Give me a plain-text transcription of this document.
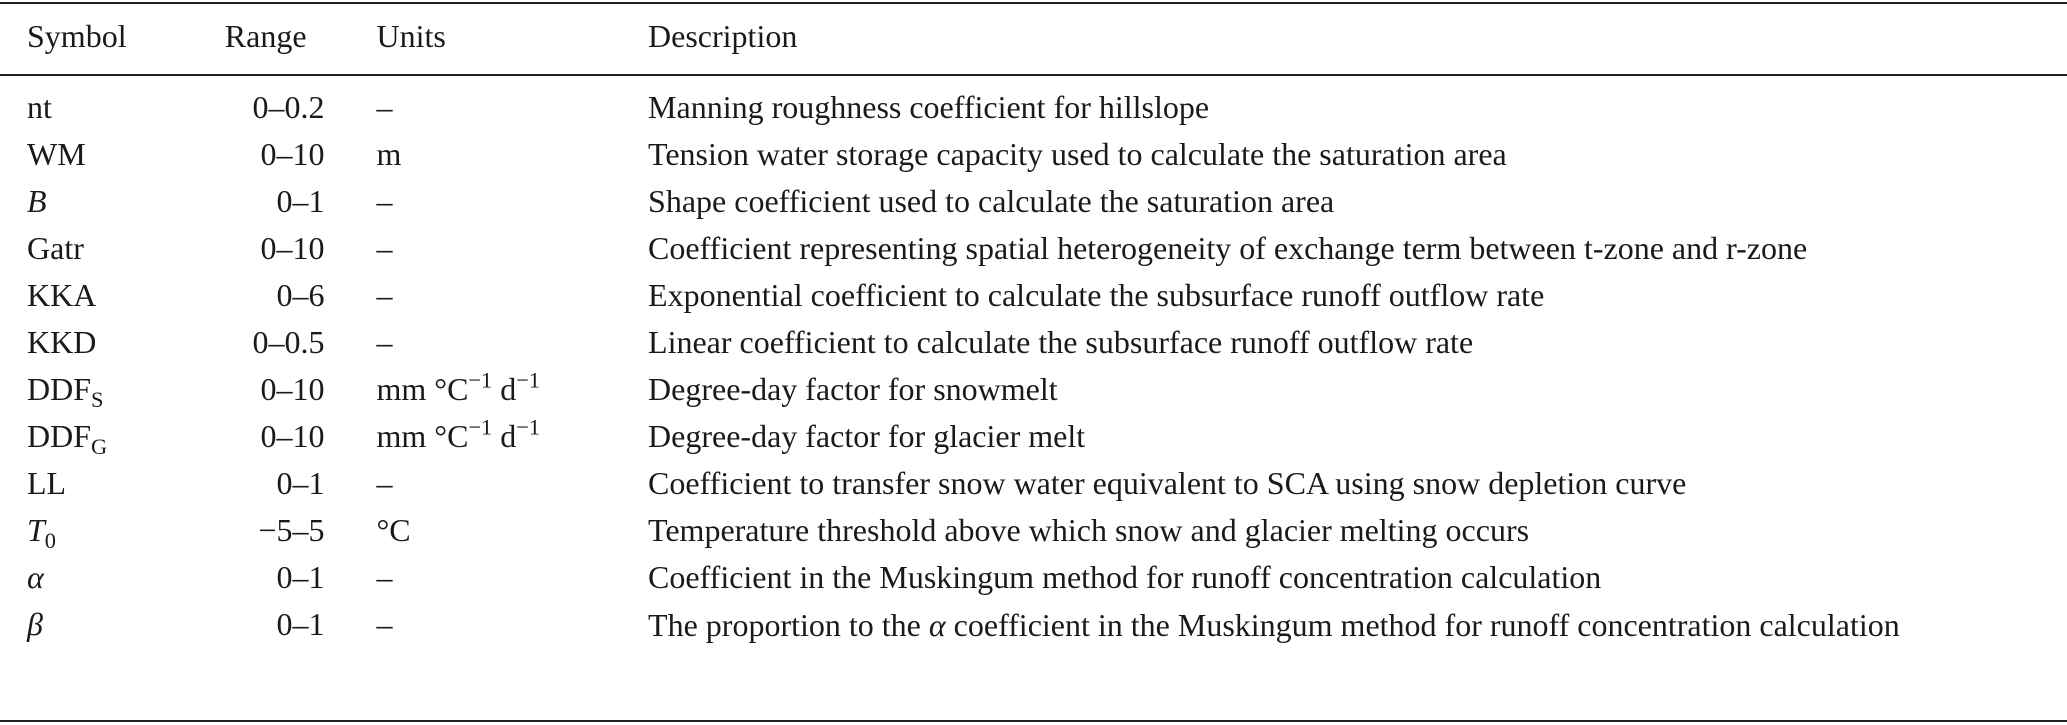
Symbol	Range	Units	Description
nt	0–0.2	–	Manning roughness coefficient for hillslope
WM	0–10	m	Tension water storage capacity used to calculate the saturation area
B	0–1	–	Shape coefficient used to calculate the saturation area
Gatr	0–10	–	Coefficient representing spatial heterogeneity of exchange term between t-zone and r-zone
KKA	0–6	–	Exponential coefficient to calculate the subsurface runoff outflow rate
KKD	0–0.5	–	Linear coefficient to calculate the subsurface runoff outflow rate
$DDF_S$	0–10	mm $^\circ C^{-1}$ $d^{-1}$	Degree-day factor for snowmelt
$DDF_G$	0–10	mm $^\circ C^{-1}$ $d^{-1}$	Degree-day factor for glacier melt
LL	0–1	–	Coefficient to transfer snow water equivalent to SCA using snow depletion curve
$T_0$	−5–5	°C	Temperature threshold above which snow and glacier melting occurs
α	0–1	–	Coefficient in the Muskingum method for runoff concentration calculation
β	0–1	–	The proportion to the α coefficient in the Muskingum method for runoff concentration calculation
